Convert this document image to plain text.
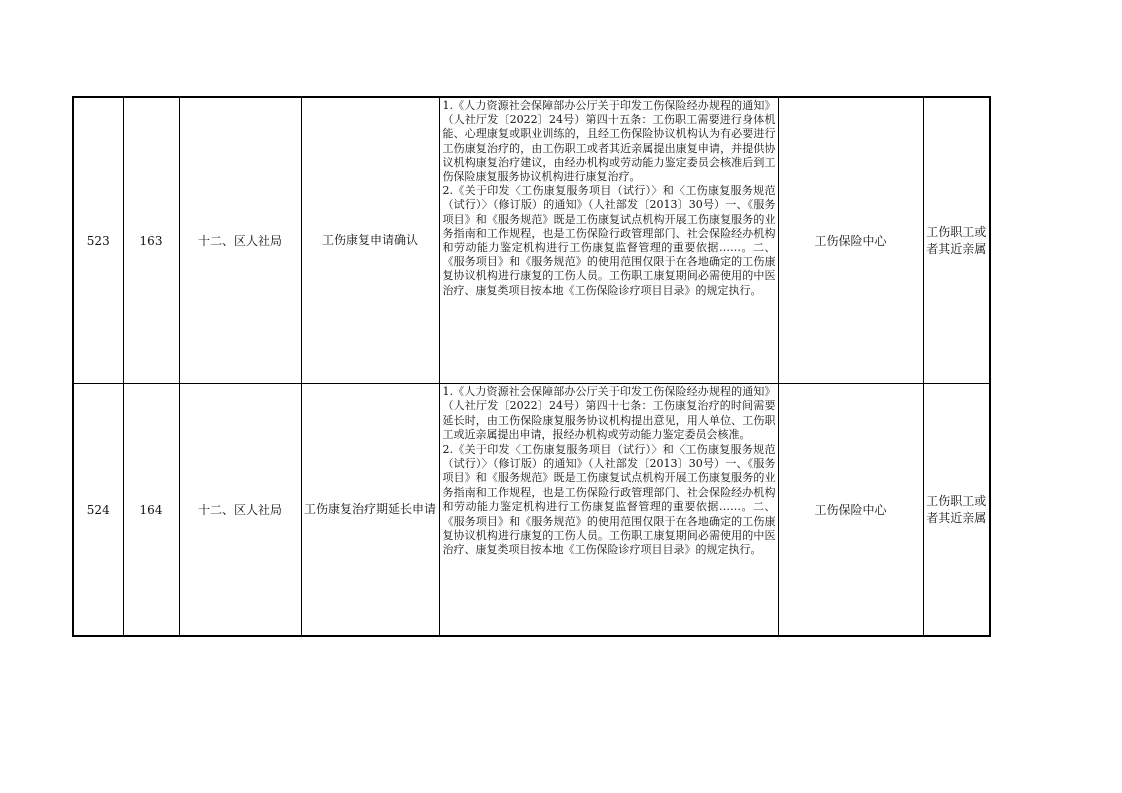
523	163	十二、区人社局	工伤康复申请确认	1.《人力资源社会保障部办公厅关于印发工伤保险经办规程的通知》（人社厅发〔2022〕24号）第四十五条：工伤职工需要进行身体机能、心理康复或职业训练的，且经工伤保险协议机构认为有必要进行工伤康复治疗的，由工伤职工或者其近亲属提出康复申请，并提供协议机构康复治疗建议，由经办机构或劳动能力鉴定委员会核准后到工伤保险康复服务协议机构进行康复治疗。

2.《关于印发〈工伤康复服务项目（试行）〉和〈工伤康复服务规范（试行）〉（修订版）的通知》（人社部发〔2013〕30号）一、《服务项目》和《服务规范》既是工伤康复试点机构开展工伤康复服务的业务指南和工作规程，也是工伤保险行政管理部门、社会保险经办机构和劳动能力鉴定机构进行工伤康复监督管理的重要依据……。二、《服务项目》和《服务规范》的使用范围仅限于在各地确定的工伤康复协议机构进行康复的工伤人员。工伤职工康复期间必需使用的中医治疗、康复类项目按本地《工伤保险诊疗项目目录》的规定执行。	工伤保险中心	工伤职工或者其近亲属
524	164	十二、区人社局	工伤康复治疗期延长申请	1.《人力资源社会保障部办公厅关于印发工伤保险经办规程的通知》（人社厅发〔2022〕24号）第四十七条：工伤康复治疗的时间需要延长时，由工伤保险康复服务协议机构提出意见，用人单位、工伤职工或近亲属提出申请，报经办机构或劳动能力鉴定委员会核准。

2.《关于印发〈工伤康复服务项目（试行）〉和〈工伤康复服务规范（试行）〉（修订版）的通知》（人社部发〔2013〕30号）一、《服务项目》和《服务规范》既是工伤康复试点机构开展工伤康复服务的业务指南和工作规程，也是工伤保险行政管理部门、社会保险经办机构和劳动能力鉴定机构进行工伤康复监督管理的重要依据……。二、《服务项目》和《服务规范》的使用范围仅限于在各地确定的工伤康复协议机构进行康复的工伤人员。工伤职工康复期间必需使用的中医治疗、康复类项目按本地《工伤保险诊疗项目目录》的规定执行。	工伤保险中心	工伤职工或者其近亲属
